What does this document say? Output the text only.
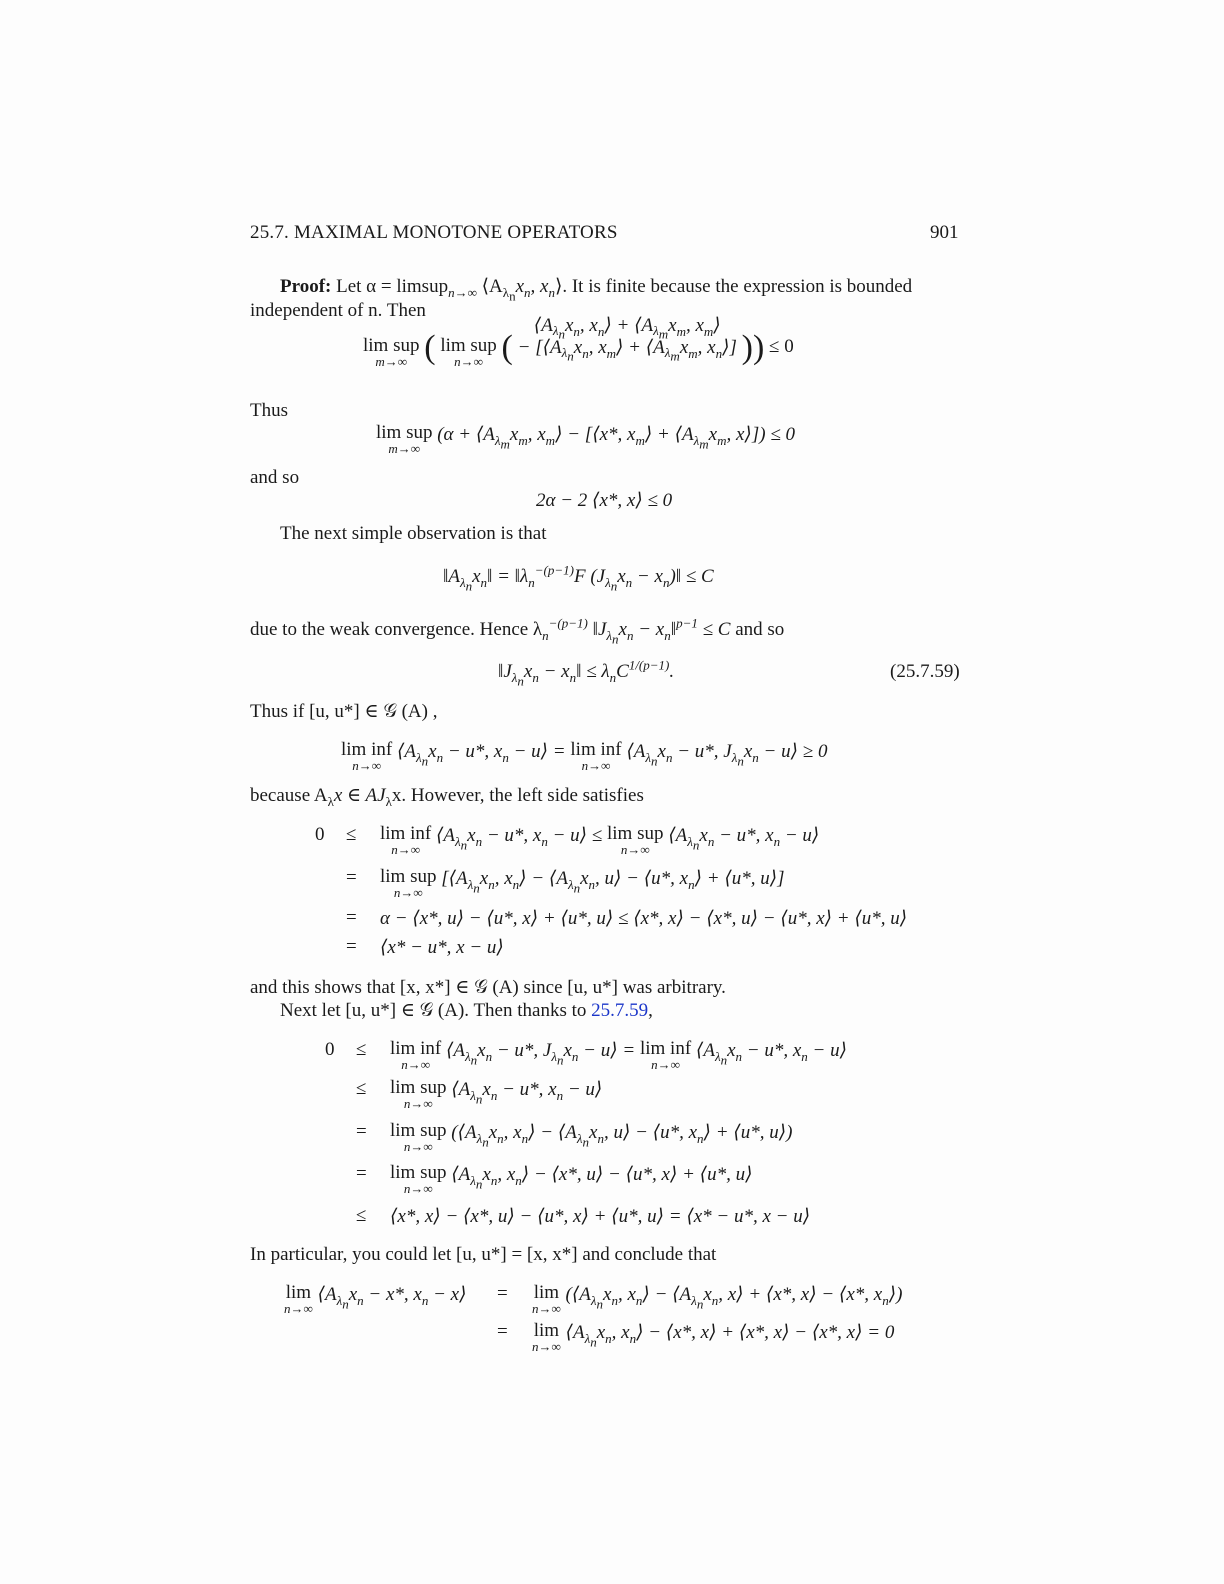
25.7. MAXIMAL MONOTONE OPERATORS	901
Proof: Let α = limsup$_{n\to\infty}$ $⟨A_{\lambda_n}x_n$, $x_n⟩$. It is finite because the expression is bounded
independent of n. Then
lim sup
m→∞ ( lim sup
n→∞ ( $⟨A_{\lambda_n}x_n$, $x_n⟩$ + $⟨A_{\lambda_m}x_m$, $x_m⟩$
− [$⟨A_{\lambda_n}x_n$, $x_m⟩$ + $⟨A_{\lambda_m}x_m$, $x_n⟩$] )) ≤ 0
Thus
lim sup
m→∞
($\alpha + ⟨A_{\lambda_m}x_m$, $x_m⟩$ − [⟨x*, $x_m⟩$ + $⟨A_{\lambda_m}x_m$, x⟩]) ≤ 0
and so
2α − 2 ⟨x*, x⟩ ≤ 0
The next simple observation is that
$‖A_{\lambda_n}x_n‖$ = $‖\lambda_n^{-(p-1)}F$ ($J_{\lambda_n}x_n$ − $x_n)‖ \le C$
due to the weak convergence. Hence $\lambda_n^{-(p-1)}$ $‖J_{\lambda_n}x_n$ − $x_n‖^{p-1} \le C$ and so
$‖J_{\lambda_n}x_n$ − $x_n‖ \le \lambda_nC^{1/(p-1)}$.	(25.7.59)
Thus if [u, u*] ∈ 𝒢 (A) ,
lim inf
n→∞
$⟨A_{\lambda_n}x_n - u*$, $x_n$ − u⟩ = lim inf
n→∞
$⟨A_{\lambda_n}x_n - u*$, $J_{\lambda_n}x_n$ − u⟩ ≥ 0
because $A_\lambda x$ ∈ $AJ_\lambda x$. However, the left side satisfies
0 ≤ lim inf
n→∞
$⟨A_{\lambda_n}x_n - u*$, $x_n$ − u⟩ ≤ lim sup
n→∞
$⟨A_{\lambda_n}x_n - u*$, $x_n$ − u⟩
= lim sup
n→∞
[$⟨A_{\lambda_n}x_n$, $x_n⟩$ − $⟨A_{\lambda_n}x_n$, u⟩ − ⟨u*, $x_n⟩$ + ⟨u*, u⟩]
= α − ⟨x*, u⟩ − ⟨u*, x⟩ + ⟨u*, u⟩ ≤ ⟨x*, x⟩ − ⟨x*, u⟩ − ⟨u*, x⟩ + ⟨u*, u⟩
= ⟨x* − u*, x − u⟩
and this shows that [x, x*] ∈ 𝒢 (A) since [u, u*] was arbitrary.
Next let [u, u*] ∈ 𝒢 (A). Then thanks to 25.7.59,
0 ≤ lim inf
n→∞
$⟨A_{\lambda_n}x_n - u*$, $J_{\lambda_n}x_n$ − u⟩ = lim inf
n→∞
$⟨A_{\lambda_n}x_n - u*$, $x_n$ − u⟩
≤ lim sup
n→∞
$⟨A_{\lambda_n}x_n - u*$, $x_n$ − u⟩
= lim sup
n→∞
($⟨A_{\lambda_n}x_n$, $x_n⟩$ − $⟨A_{\lambda_n}x_n$, u⟩ − ⟨u*, $x_n⟩$ + ⟨u*, u⟩)
= lim sup
n→∞
$⟨A_{\lambda_n}x_n$, $x_n⟩$ − ⟨x*, u⟩ − ⟨u*, x⟩ + ⟨u*, u⟩
≤ ⟨x*, x⟩ − ⟨x*, u⟩ − ⟨u*, x⟩ + ⟨u*, u⟩ = ⟨x* − u*, x − u⟩
In particular, you could let [u, u*] = [x, x*] and conclude that
lim
n→∞
$⟨A_{\lambda_n}x_n - x*$, $x_n$ − x⟩ = lim
n→∞
($⟨A_{\lambda_n}x_n$, $x_n⟩$ − $⟨A_{\lambda_n}x_n$, x⟩ + ⟨x*, x⟩ − ⟨x*, $x_n⟩$)
= lim
n→∞
$⟨A_{\lambda_n}x_n$, $x_n⟩$ − ⟨x*, x⟩ + ⟨x*, x⟩ − ⟨x*, x⟩ = 0
